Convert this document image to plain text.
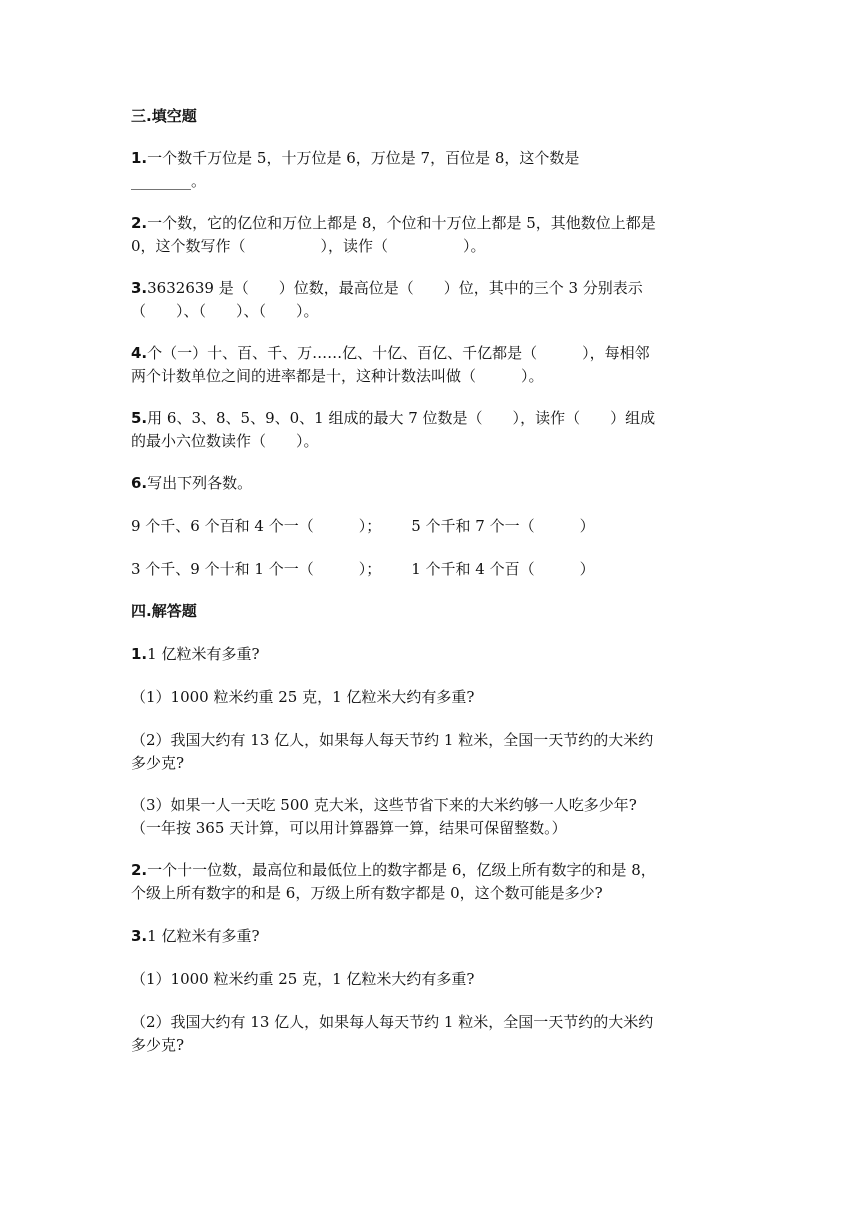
三.填空题
1.一个数千万位是 5，十万位是 6，万位是 7，百位是 8，这个数是
________。
2.一个数，它的亿位和万位上都是 8，个位和十万位上都是 5，其他数位上都是
0，这个数写作（　　　　　），读作（　　　　　）。
3.3632639 是（　　）位数，最高位是（　　）位，其中的三个 3 分别表示
（　　）、（　　）、（　　）。
4.个（一）十、百、千、万……亿、十亿、百亿、千亿都是（　　　），每相邻
两个计数单位之间的进率都是十，这种计数法叫做（　　　）。
5.用 6、3、8、5、9、0、1 组成的最大 7 位数是（　　），读作（　　）组成
的最小六位数读作（　　）。
6.写出下列各数。
9 个千、6 个百和 4 个一（　　　）； 5 个千和 7 个一（　　　）
3 个千、9 个十和 1 个一（　　　）； 1 个千和 4 个百（　　　）
四.解答题
1.1 亿粒米有多重?
（1）1000 粒米约重 25 克，1 亿粒米大约有多重?
（2）我国大约有 13 亿人，如果每人每天节约 1 粒米，全国一天节约的大米约
多少克?
（3）如果一人一天吃 500 克大米，这些节省下来的大米约够一人吃多少年?
（一年按 365 天计算，可以用计算器算一算，结果可保留整数。）
2.一个十一位数，最高位和最低位上的数字都是 6，亿级上所有数字的和是 8，
个级上所有数字的和是 6，万级上所有数字都是 0，这个数可能是多少?
3.1 亿粒米有多重?
（1）1000 粒米约重 25 克，1 亿粒米大约有多重?
（2）我国大约有 13 亿人，如果每人每天节约 1 粒米，全国一天节约的大米约
多少克?
